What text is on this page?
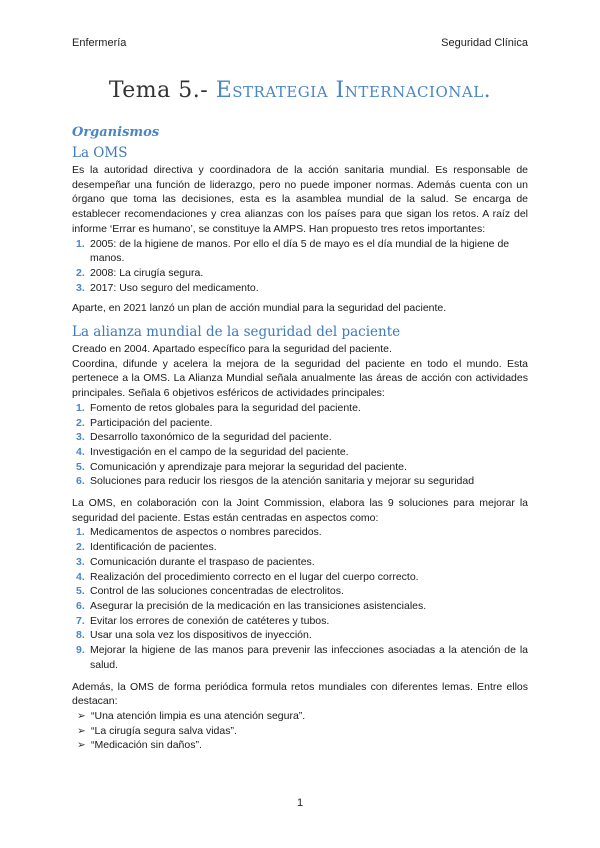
Enfermería	Seguridad Clínica
Tema 5.- Estrategia Internacional.
Organismos
La OMS

Es la autoridad directiva y coordinadora de la acción sanitaria mundial. Es responsable de desempeñar una función de liderazgo, pero no puede imponer normas. Además cuenta con un órgano que toma las decisiones, esta es la asamblea mundial de la salud. Se encarga de establecer recomendaciones y crea alianzas con los países para que sigan los retos. A raíz del informe ‘Errar es humano’, se constituye la AMPS. Han propuesto tres retos importantes:

1. 2005: de la higiene de manos. Por ello el día 5 de mayo es el día mundial de la higiene de manos.
2. 2008: La cirugía segura.
3. 2017: Uso seguro del medicamento.

Aparte, en 2021 lanzó un plan de acción mundial para la seguridad del paciente.

La alianza mundial de la seguridad del paciente

Creado en 2004. Apartado específico para la seguridad del paciente.

Coordina, difunde y acelera la mejora de la seguridad del paciente en todo el mundo. Esta pertenece a la OMS. La Alianza Mundial señala anualmente las áreas de acción con actividades principales. Señala 6 objetivos esféricos de actividades principales:

1. Fomento de retos globales para la seguridad del paciente.
2. Participación del paciente.
3. Desarrollo taxonómico de la seguridad del paciente.
4. Investigación en el campo de la seguridad del paciente.
5. Comunicación y aprendizaje para mejorar la seguridad del paciente.
6. Soluciones para reducir los riesgos de la atención sanitaria y mejorar su seguridad

La OMS, en colaboración con la Joint Commission, elabora las 9 soluciones para mejorar la seguridad del paciente. Estas están centradas en aspectos como:

1. Medicamentos de aspectos o nombres parecidos.
2. Identificación de pacientes.
3. Comunicación durante el traspaso de pacientes.
4. Realización del procedimiento correcto en el lugar del cuerpo correcto.
5. Control de las soluciones concentradas de electrolitos.
6. Asegurar la precisión de la medicación en las transiciones asistenciales.
7. Evitar los errores de conexión de catéteres y tubos.
8. Usar una sola vez los dispositivos de inyección.
9. Mejorar la higiene de las manos para prevenir las infecciones asociadas a la atención de la salud.

Además, la OMS de forma periódica formula retos mundiales con diferentes lemas. Entre ellos destacan:

➢ “Una atención limpia es una atención segura”.
➢ “La cirugía segura salva vidas”.
➢ “Medicación sin daños”.
1
